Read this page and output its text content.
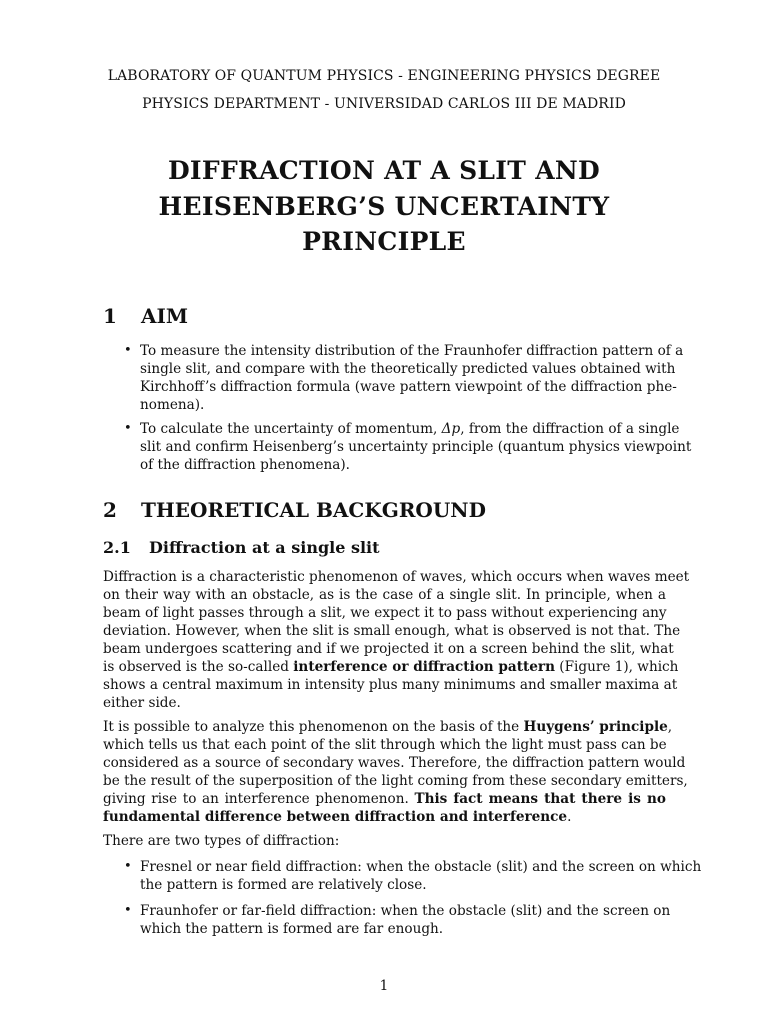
LABORATORY OF QUANTUM PHYSICS - ENGINEERING PHYSICS DEGREE
PHYSICS DEPARTMENT - UNIVERSIDAD CARLOS III DE MADRID
DIFFRACTION AT A SLIT AND
HEISENBERG’S UNCERTAINTY
PRINCIPLE
1 AIM
• To measure the intensity distribution of the Fraunhofer diffraction pattern of a
single slit, and compare with the theoretically predicted values obtained with
Kirchhoff’s diffraction formula (wave pattern viewpoint of the diffraction phe-
nomena).
• To calculate the uncertainty of momentum, Δp, from the diffraction of a single
slit and confirm Heisenberg’s uncertainty principle (quantum physics viewpoint
of the diffraction phenomena).
2 THEORETICAL BACKGROUND
2.1 Diffraction at a single slit
Diffraction is a characteristic phenomenon of waves, which occurs when waves meet
on their way with an obstacle, as is the case of a single slit. In principle, when a
beam of light passes through a slit, we expect it to pass without experiencing any
deviation. However, when the slit is small enough, what is observed is not that. The
beam undergoes scattering and if we projected it on a screen behind the slit, what
is observed is the so-called interference or diffraction pattern (Figure 1), which
shows a central maximum in intensity plus many minimums and smaller maxima at
either side.
It is possible to analyze this phenomenon on the basis of the Huygens’ principle,
which tells us that each point of the slit through which the light must pass can be
considered as a source of secondary waves. Therefore, the diffraction pattern would
be the result of the superposition of the light coming from these secondary emitters,
giving rise to an interference phenomenon. This fact means that there is no
fundamental difference between diffraction and interference.
There are two types of diffraction:
• Fresnel or near field diffraction: when the obstacle (slit) and the screen on which
the pattern is formed are relatively close.
• Fraunhofer or far-field diffraction: when the obstacle (slit) and the screen on
which the pattern is formed are far enough.
1
